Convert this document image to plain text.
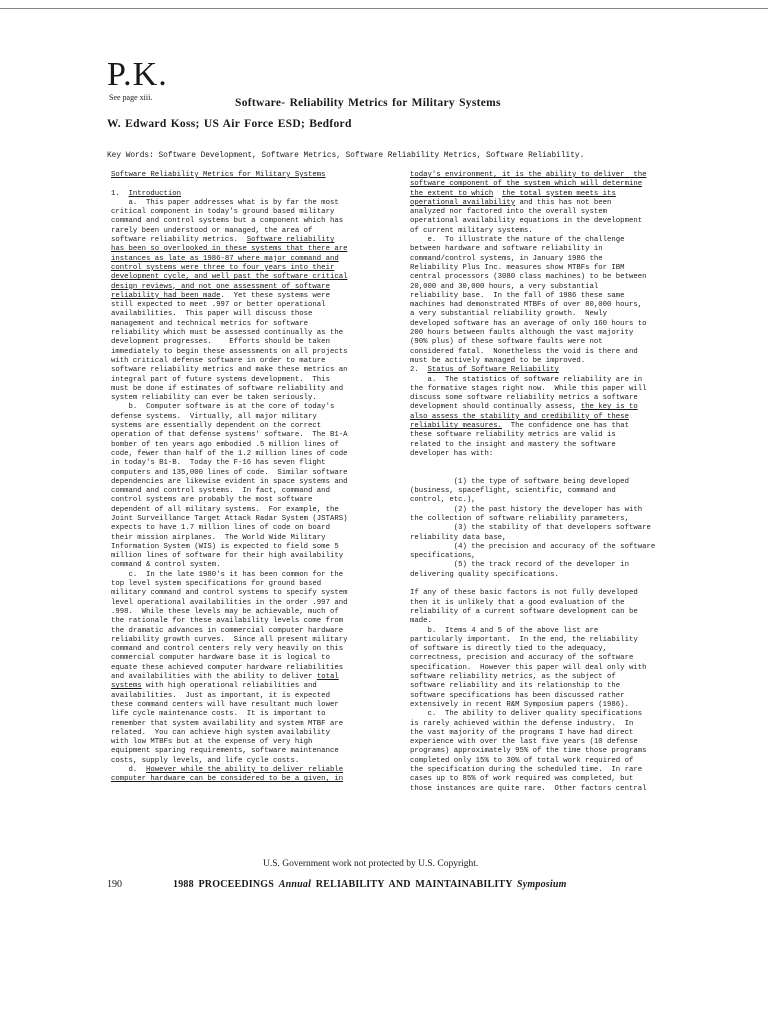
P.K.
See page xiii.	Software- Reliability Metrics for Military Systems
W. Edward Koss; US Air Force ESD; Bedford
Key Words: Software Development, Software Metrics, Software Reliability Metrics, Software Reliability.
Software Reliability Metrics for Military Systems
1.  Introduction
a.  This paper addresses what is by far the most
critical component in today's ground based military
command and control systems but a component which has
rarely been understood or managed, the area of
software reliability metrics.  Software reliability
has been so overlooked in these systems that there are
instances as late as 1986-87 where major command and
control systems were three to four years into their
development cycle, and well past the software critical
design reviews, and not one assessment of software
reliability had been made.  Yet these systems were
still expected to meet .997 or better operational
availabilities.  This paper will discuss those
management and technical metrics for software
reliability which must be assessed continually as the
development progresses.    Efforts should be taken
immediately to begin these assessments on all projects
with critical defense software in order to mature
software reliability metrics and make these metrics an
integral part of future systems development.  This
must be done if estimates of software reliability and
system reliability can ever be taken seriously.
b.  Computer software is at the core of today's
defense systems.  Virtually, all major military
systems are essentially dependent on the correct
operation of that defense systems' software.  The B1-A
bomber of ten years ago embodied .5 million lines of
code, fewer than half of the 1.2 million lines of code
in today's B1-B.  Today the F-16 has seven flight
computers and 135,000 lines of code.  Similar software
dependencies are likewise evident in space systems and
command and control systems.  In fact, command and
control systems are probably the most software
dependent of all military systems.  For example, the
Joint Surveillance Target Attack Radar System (JSTARS)
expects to have 1.7 million lines of code on board
their mission airplanes.  The World Wide Military
Information System (WIS) is expected to field some 5
million lines of software for their high availability
command & control system.
c.  In the late 1980's it has been common for the
top level system specifications for ground based
military command and control systems to specify system
level operational availabilities in the order .997 and
.998.  While these levels may be achievable, much of
the rationale for these availability levels come from
the dramatic advances in commercial computer hardware
reliability growth curves.  Since all present military
command and control centers rely very heavily on this
commercial computer hardware base it is logical to
equate these achieved computer hardware reliabilities
and availabilities with the ability to deliver total
systems with high operational reliabilities and
availabilities.  Just as important, it is expected
these command centers will have resultant much lower
life cycle maintenance costs.  It is important to
remember that system availability and system MTBF are
related.  You can achieve high system availability
with low MTBFs but at the expense of very high
equipment sparing requirements, software maintenance
costs, supply levels, and life cycle costs.
d.  However while the ability to deliver reliable
computer hardware can be considered to be a given, in
today's environment, it is the ability to deliver  the
software component of the system which will determine
the extent to which the total system meets its
operational availability and this has not been
analyzed nor factored into the overall system
operational availability equations in the development
of current military systems.
e.  To illustrate the nature of the challenge
between hardware and software reliability in
command/control systems, in January 1986 the
Reliability Plus Inc. measures show MTBFs for IBM
central processors (3080 class machines) to be between
20,000 and 30,000 hours, a very substantial
reliability base.  In the fall of 1986 these same
machines had demonstrated MTBFs of over 80,000 hours,
a very substantial reliability growth.  Newly
developed software has an average of only 160 hours to
200 hours between faults although the vast majority
(90% plus) of these software faults were not
considered fatal.  Nonetheless the void is there and
must be actively managed to be improved.
2.  Status of Software Reliability
a.  The statistics of software reliability are in
the formative stages right now.  While this paper will
discuss some software reliability metrics a software
development should continually assess, the key is to
also assess the stability and credibility of these
reliability measures.  The confidence one has that
these software reliability metrics are valid is
related to the insight and mastery the software
developer has with:
(1) the type of software being developed
(business, spaceflight, scientific, command and
control, etc.),
(2) the past history the developer has with
the collection of software reliability parameters,
(3) the stability of that developers software
reliability data base,
(4) the precision and accuracy of the software
specifications,
(5) the track record of the developer in
delivering quality specifications.
If any of these basic factors is not fully developed
then it is unlikely that a good evaluation of the
reliability of a current software development can be
made.
b.  Items 4 and 5 of the above list are
particularly important.  In the end, the reliability
of software is directly tied to the adequacy,
correctness, precision and accuracy of the software
specification.  However this paper will deal only with
software reliability metrics, as the subject of
software reliability and its relationship to the
software specifications has been discussed rather
extensively in recent R&M Symposium papers (1986).
c.  The ability to deliver quality specifications
is rarely achieved within the defense industry.  In
the vast majority of the programs I have had direct
experience with over the last five years (10 defense
programs) approximately 95% of the time those programs
completed only 15% to 30% of total work required of
the specification during the scheduled time.  In rare
cases up to 85% of work required was completed, but
those instances are quite rare.  Other factors central
U.S. Government work not protected by U.S. Copyright.
190	1988 PROCEEDINGS Annual RELIABILITY AND MAINTAINABILITY Symposium
